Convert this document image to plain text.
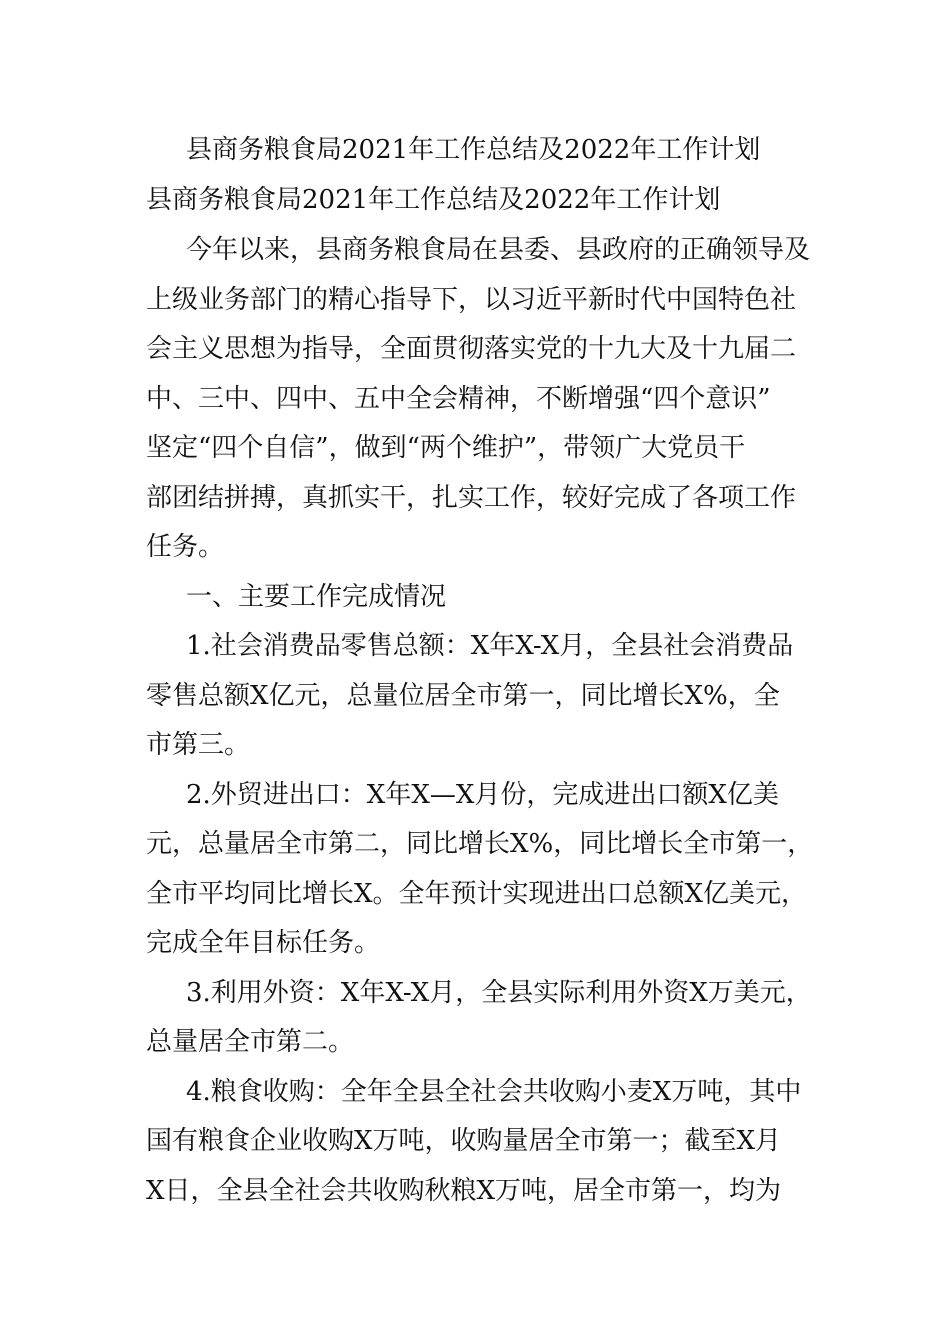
县商务粮食局2021年工作总结及2022年工作计划
县商务粮食局2021年工作总结及2022年工作计划
今年以来，县商务粮食局在县委、县政府的正确领导及
上级业务部门的精心指导下，以习近平新时代中国特色社
会主义思想为指导，全面贯彻落实党的十九大及十九届二
中、三中、四中、五中全会精神，不断增强“四个意识”
坚定“四个自信”，做到“两个维护”，带领广大党员干
部团结拼搏，真抓实干，扎实工作，较好完成了各项工作
任务。
一、主要工作完成情况
1.社会消费品零售总额：X年X-X月，全县社会消费品
零售总额X亿元，总量位居全市第一，同比增长X%，全
市第三。
2.外贸进出口：X年X—X月份，完成进出口额X亿美
元，总量居全市第二，同比增长X%，同比增长全市第一，
全市平均同比增长X。全年预计实现进出口总额X亿美元，
完成全年目标任务。
3.利用外资：X年X-X月，全县实际利用外资X万美元，
总量居全市第二。
4.粮食收购：全年全县全社会共收购小麦X万吨，其中
国有粮食企业收购X万吨，收购量居全市第一；截至X月
X日，全县全社会共收购秋粮X万吨，居全市第一，均为
